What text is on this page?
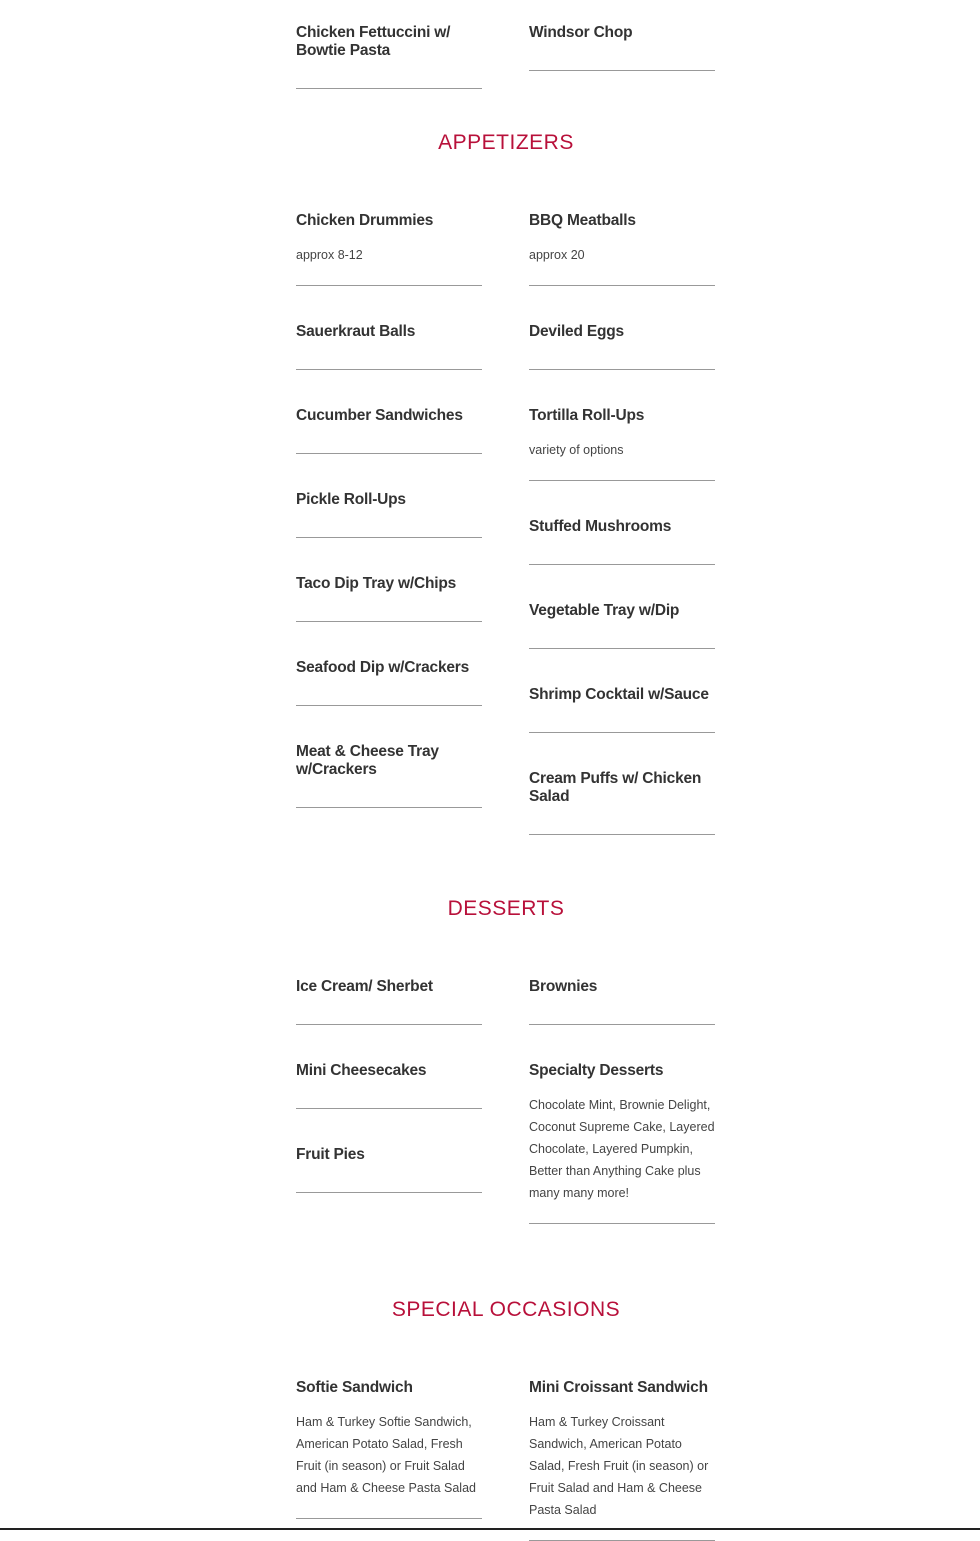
Chicken Fettuccini w/ Bowtie Pasta
Windsor Chop
APPETIZERS
Chicken Drummies
approx 8-12
Sauerkraut Balls
Cucumber Sandwiches
Pickle Roll-Ups
Taco Dip Tray w/Chips
Seafood Dip w/Crackers
Meat & Cheese Tray w/Crackers
BBQ Meatballs
approx 20
Deviled Eggs
Tortilla Roll-Ups
variety of options
Stuffed Mushrooms
Vegetable Tray w/Dip
Shrimp Cocktail w/Sauce
Cream Puffs w/ Chicken Salad
DESSERTS
Ice Cream/ Sherbet
Mini Cheesecakes
Fruit Pies
Brownies
Specialty Desserts
Chocolate Mint, Brownie Delight, Coconut Supreme Cake, Layered Chocolate, Layered Pumpkin, Better than Anything Cake plus many many more!
SPECIAL OCCASIONS
Softie Sandwich
Ham & Turkey Softie Sandwich, American Potato Salad, Fresh Fruit (in season) or Fruit Salad and Ham & Cheese Pasta Salad
Mini Croissant Sandwich
Ham & Turkey Croissant Sandwich, American Potato Salad, Fresh Fruit (in season) or Fruit Salad and Ham & Cheese Pasta Salad
